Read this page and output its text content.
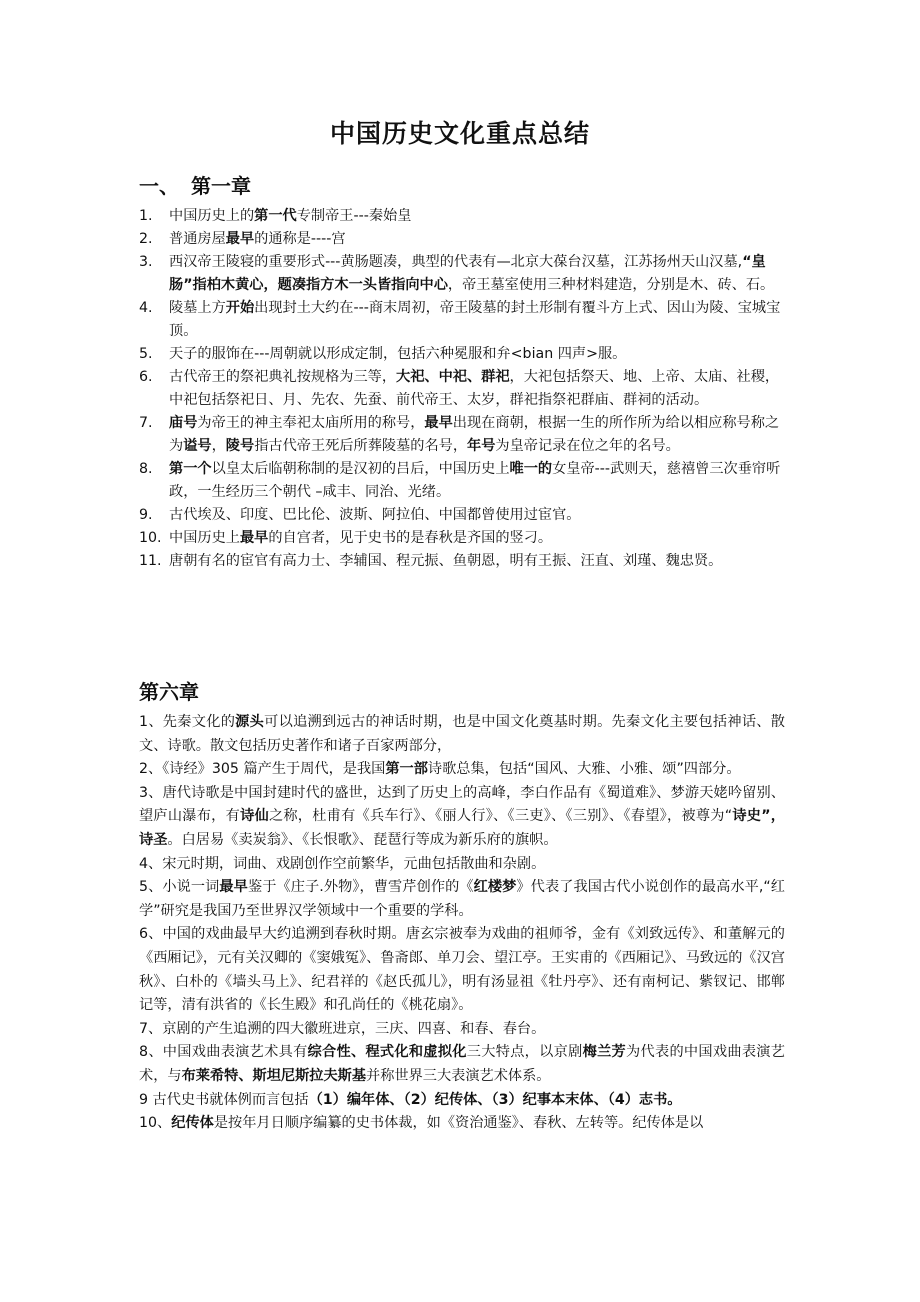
中国历史文化重点总结
一、 第一章
1. 中国历史上的第一代专制帝王---秦始皇
2. 普通房屋最早的通称是----宫
3. 西汉帝王陵寝的重要形式---黄肠题凑，典型的代表有—北京大葆台汉墓，江苏扬州天山汉墓,“皇肠”指柏木黄心，题凑指方木一头皆指向中心，帝王墓室使用三种材料建造，分别是木、砖、石。
4. 陵墓上方开始出现封土大约在---商末周初，帝王陵墓的封土形制有覆斗方上式、因山为陵、宝城宝顶。
5. 天子的服饰在---周朝就以形成定制，包括六种冕服和弁<bian 四声>服。
6. 古代帝王的祭祀典礼按规格为三等，大祀、中祀、群祀，大祀包括祭天、地、上帝、太庙、社稷，中祀包括祭祀日、月、先农、先蚕、前代帝王、太岁，群祀指祭祀群庙、群祠的活动。
7. 庙号为帝王的神主奉祀太庙所用的称号，最早出现在商朝，根据一生的所作所为给以相应称号称之为谥号，陵号指古代帝王死后所葬陵墓的名号，年号为皇帝记录在位之年的名号。
8. 第一个以皇太后临朝称制的是汉初的吕后，中国历史上唯一的女皇帝---武则天，慈禧曾三次垂帘听政，一生经历三个朝代 –咸丰、同治、光绪。
9. 古代埃及、印度、巴比伦、波斯、阿拉伯、中国都曾使用过宦官。
10. 中国历史上最早的自宫者，见于史书的是春秋是齐国的竖刁。
11. 唐朝有名的宦官有高力士、李辅国、程元振、鱼朝恩，明有王振、汪直、刘瑾、魏忠贤。
第六章

1、先秦文化的源头可以追溯到远古的神话时期，也是中国文化奠基时期。先秦文化主要包括神话、散文、诗歌。散文包括历史著作和诸子百家两部分，

2、《诗经》305 篇产生于周代，是我国第一部诗歌总集，包括“国风、大雅、小雅、颂”四部分。

3、唐代诗歌是中国封建时代的盛世，达到了历史上的高峰，李白作品有《蜀道难》、梦游天姥吟留别、望庐山瀑布，有诗仙之称，杜甫有《兵车行》、《丽人行》、《三吏》、《三别》、《春望》，被尊为“诗史”，诗圣。白居易《卖炭翁》、《长恨歌》、琵琶行等成为新乐府的旗帜。

4、宋元时期，词曲、戏剧创作空前繁华，元曲包括散曲和杂剧。

5、小说一词最早鉴于《庄子.外物》，曹雪芹创作的《红楼梦》代表了我国古代小说创作的最高水平,“红学”研究是我国乃至世界汉学领域中一个重要的学科。

6、中国的戏曲最早大约追溯到春秋时期。唐玄宗被奉为戏曲的祖师爷，金有《刘致远传》、和董解元的《西厢记》，元有关汉卿的《窦娥冤》、鲁斋郎、单刀会、望江亭。王实甫的《西厢记》、马致远的《汉宫秋》、白朴的《墙头马上》、纪君祥的《赵氏孤儿》，明有汤显祖《牡丹亭》、还有南柯记、紫钗记、邯郸记等，清有洪省的《长生殿》和孔尚任的《桃花扇》。

7、京剧的产生追溯的四大徽班进京，三庆、四喜、和春、春台。

8、中国戏曲表演艺术具有综合性、程式化和虚拟化三大特点，以京剧梅兰芳为代表的中国戏曲表演艺术，与布莱希特、斯坦尼斯拉夫斯基并称世界三大表演艺术体系。

9 古代史书就体例而言包括（1）编年体、（2）纪传体、（3）纪事本末体、（4）志书。

10、纪传体是按年月日顺序编纂的史书体裁，如《资治通鉴》、春秋、左转等。纪传体是以
